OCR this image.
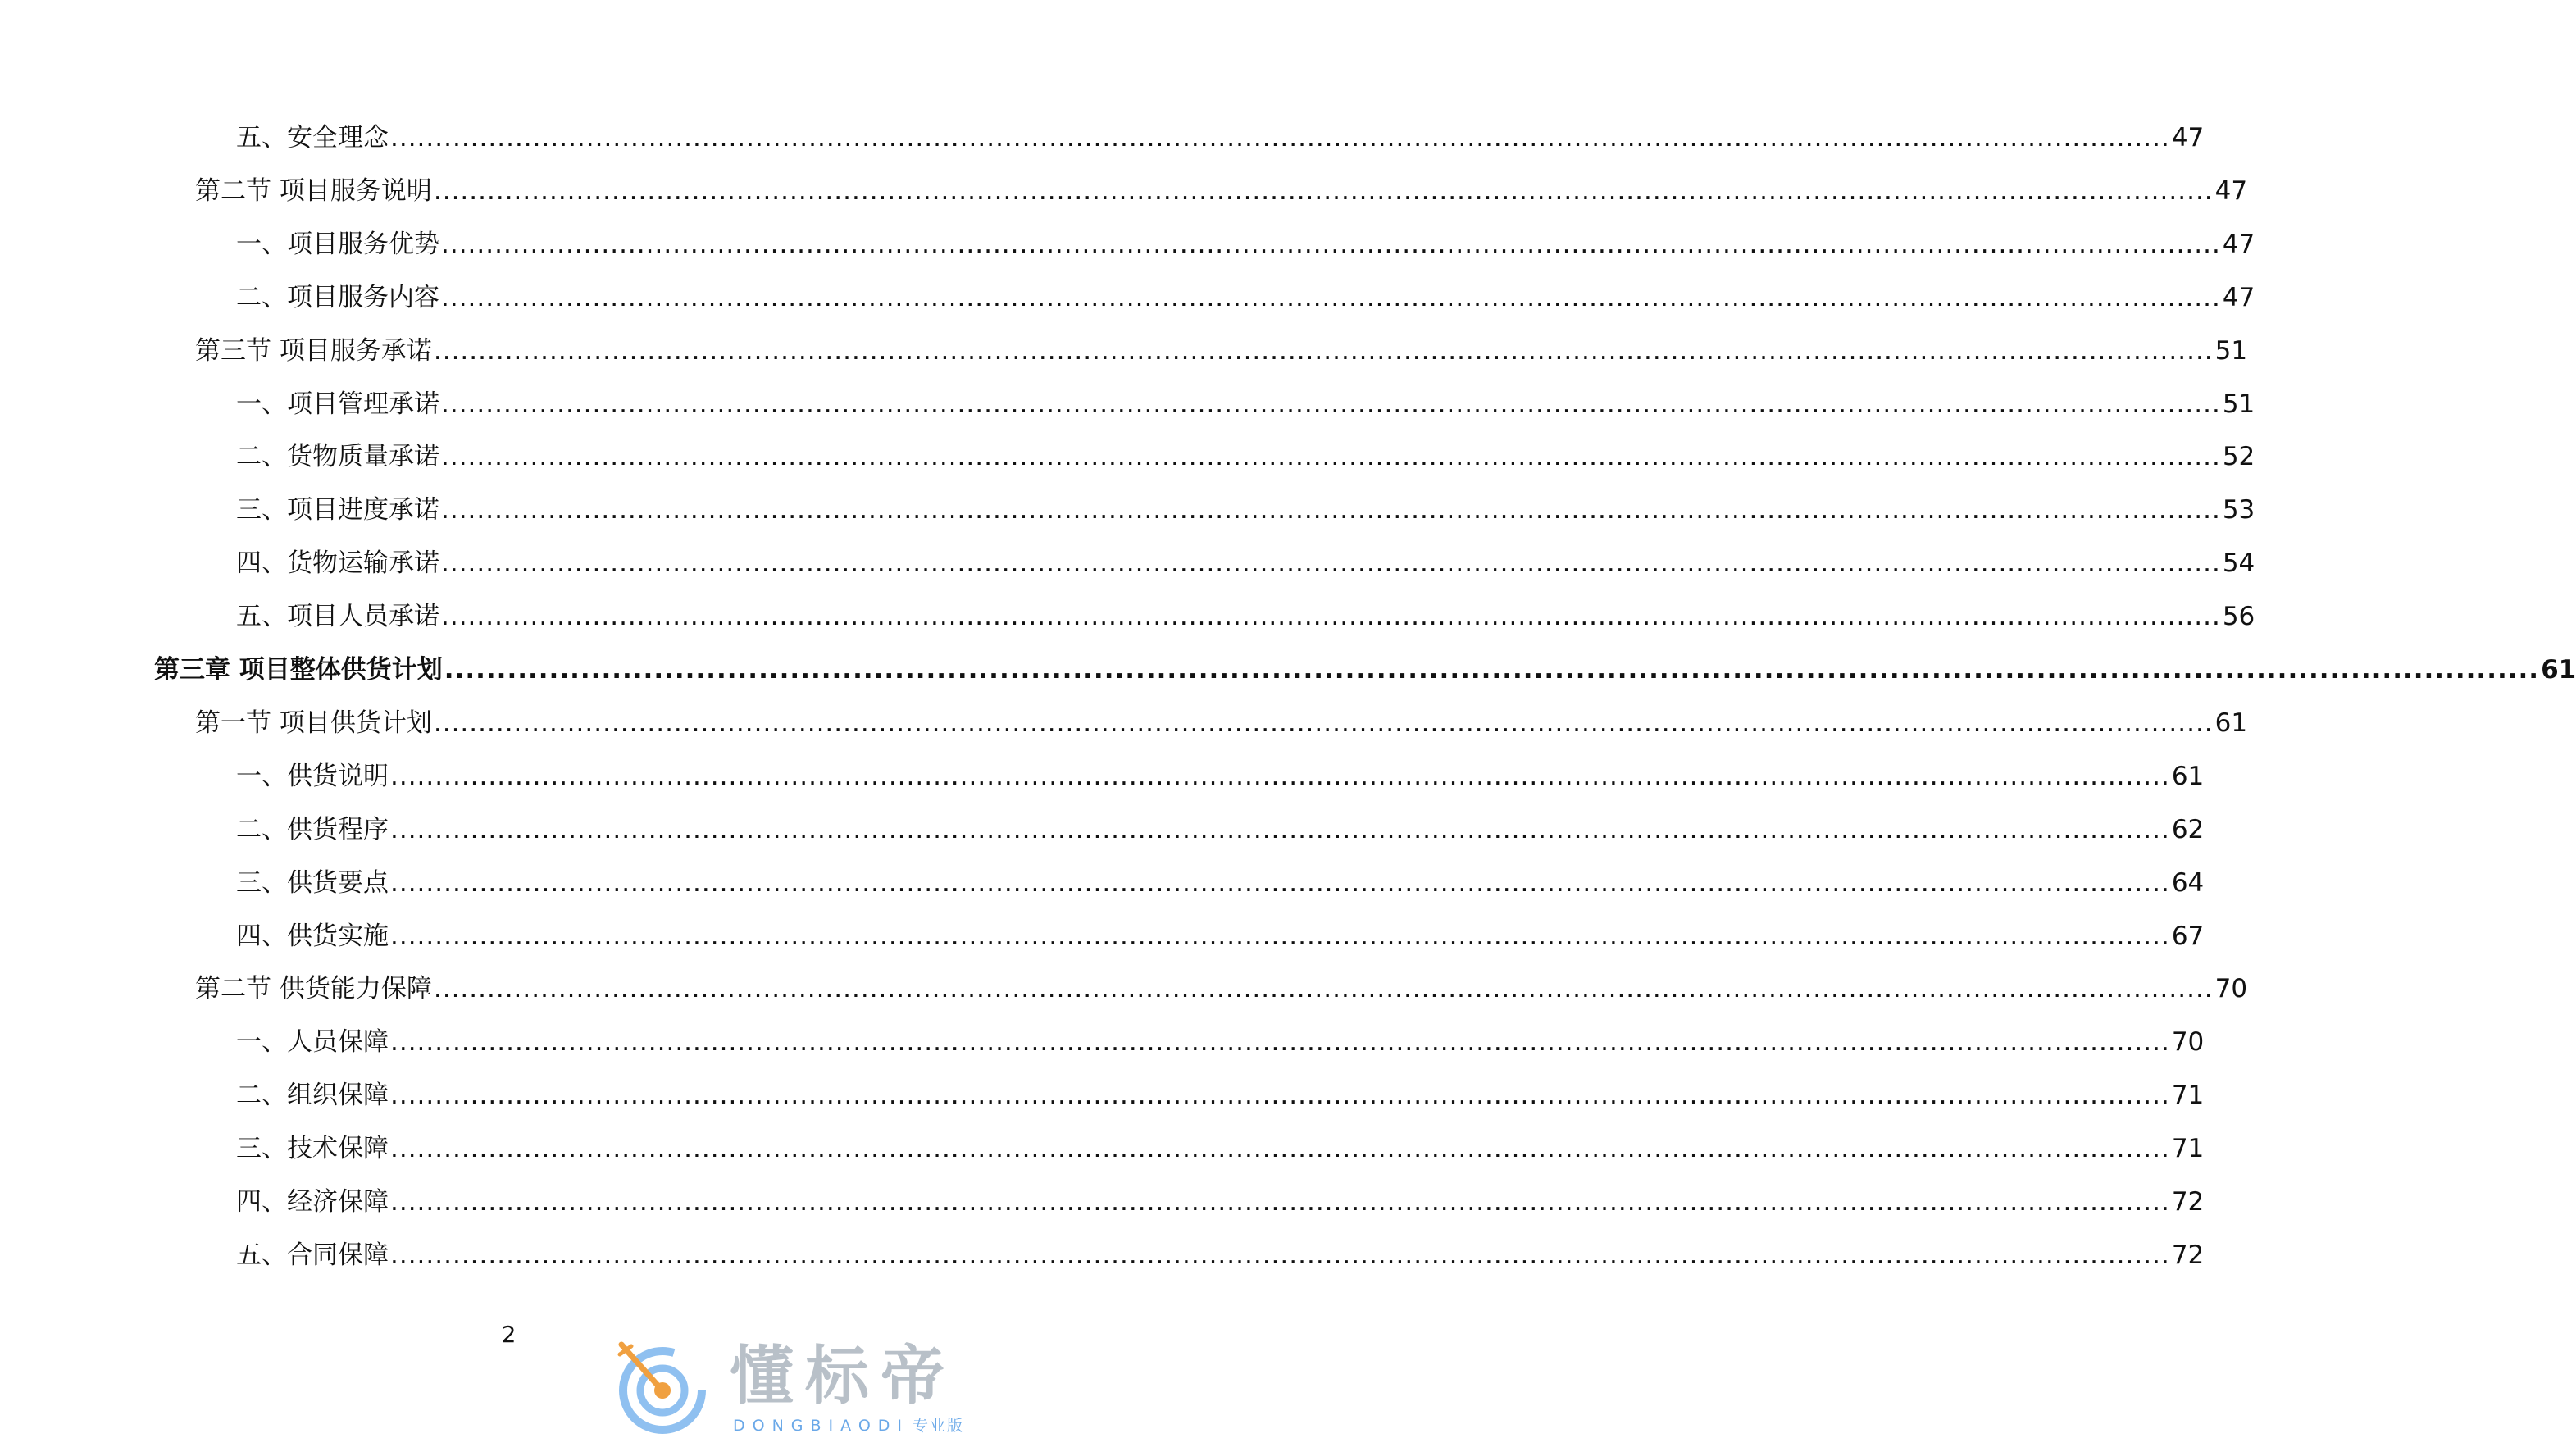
五、安全理念 ........................................................................................................................................................................................................ 47
第二节 项目服务说明 ........................................................................................................................................................................................................ 47
一、项目服务优势 ........................................................................................................................................................................................................ 47
二、项目服务内容 ........................................................................................................................................................................................................ 47
第三节 项目服务承诺 ........................................................................................................................................................................................................ 51
一、项目管理承诺 ........................................................................................................................................................................................................ 51
二、货物质量承诺 ........................................................................................................................................................................................................ 52
三、项目进度承诺 ........................................................................................................................................................................................................ 53
四、货物运输承诺 ........................................................................................................................................................................................................ 54
五、项目人员承诺 ........................................................................................................................................................................................................ 56
第三章 项目整体供货计划 ........................................................................................................................................................................................................ 61
第一节 项目供货计划 ........................................................................................................................................................................................................ 61
一、供货说明 ........................................................................................................................................................................................................ 61
二、供货程序 ........................................................................................................................................................................................................ 62
三、供货要点 ........................................................................................................................................................................................................ 64
四、供货实施 ........................................................................................................................................................................................................ 67
第二节 供货能力保障 ........................................................................................................................................................................................................ 70
一、人员保障 ........................................................................................................................................................................................................ 70
二、组织保障 ........................................................................................................................................................................................................ 71
三、技术保障 ........................................................................................................................................................................................................ 71
四、经济保障 ........................................................................................................................................................................................................ 72
五、合同保障 ........................................................................................................................................................................................................ 72
2
懂标帝
DONGBIAODI 专业版
